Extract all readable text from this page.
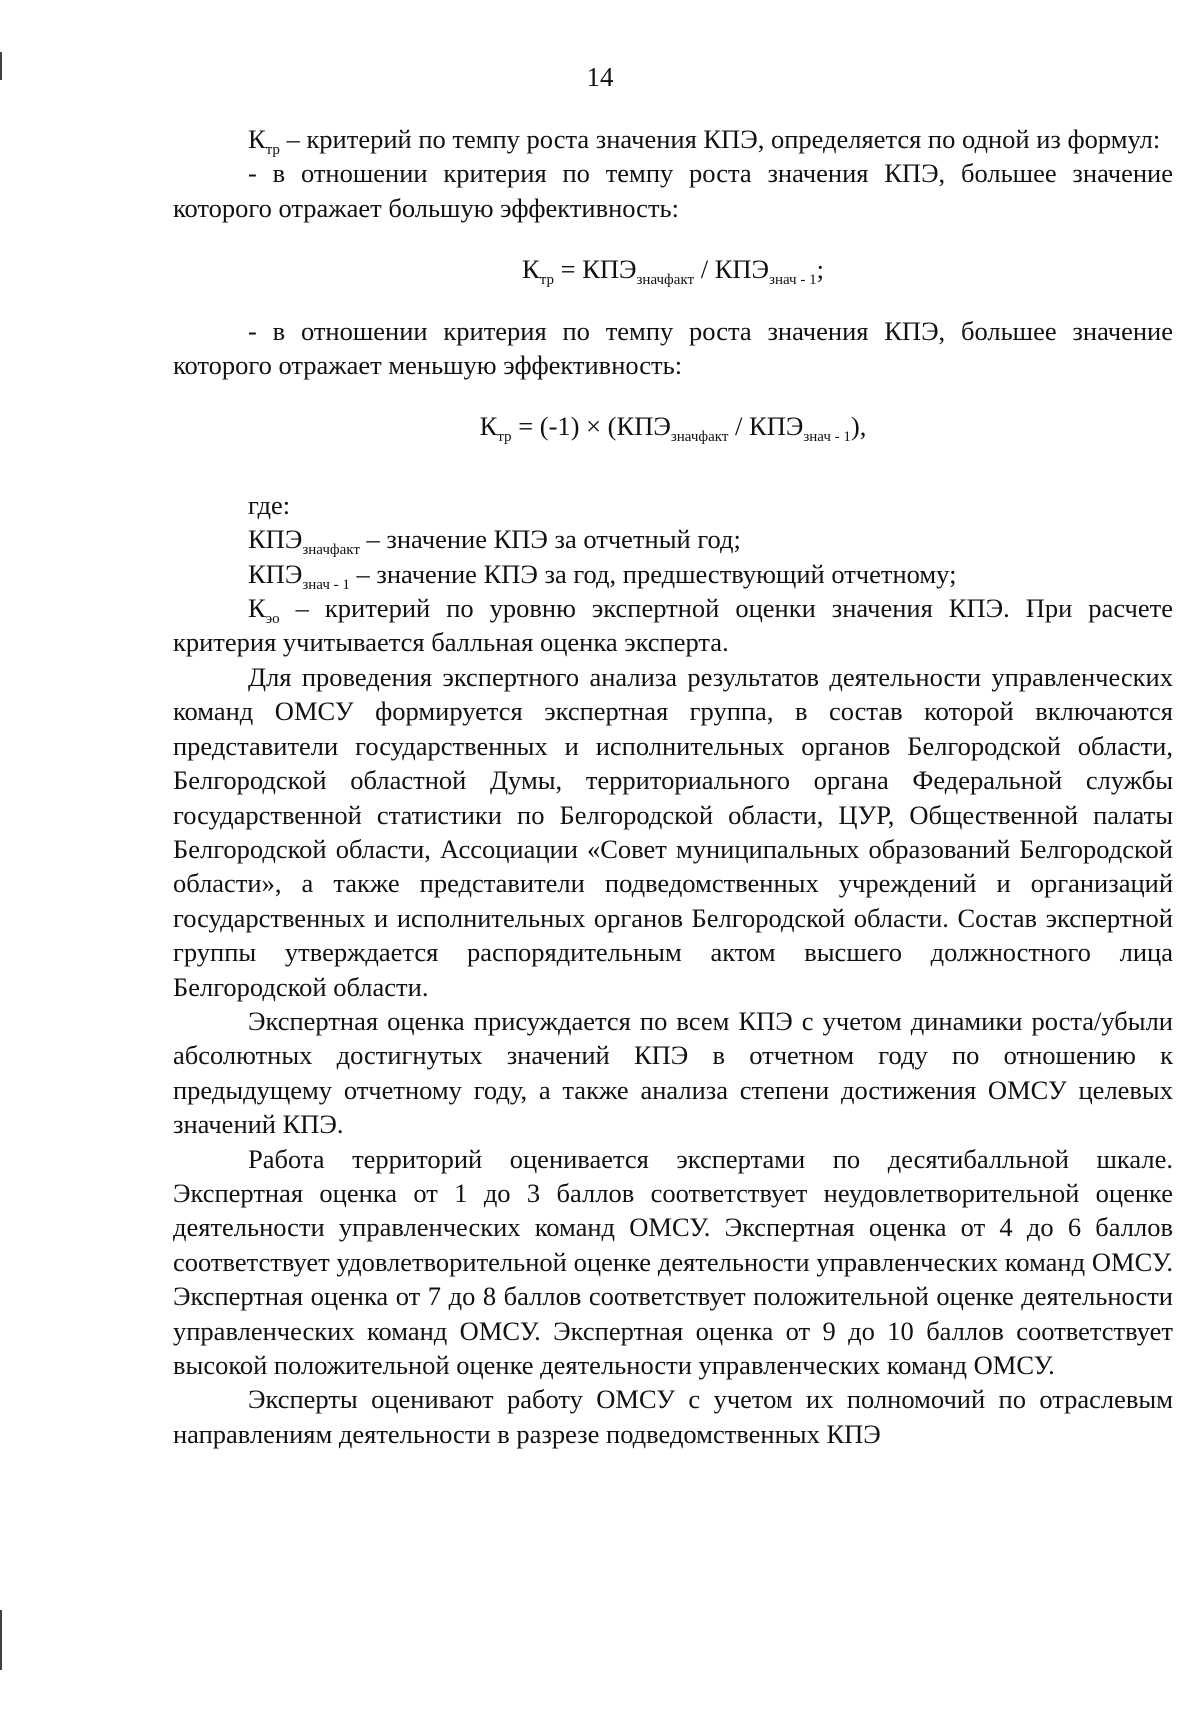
14

$К_{тр}$ – критерий по темпу роста значения КПЭ, определяется по одной из формул:

- в отношении критерия по темпу роста значения КПЭ, большее значение которого отражает большую эффективность:

$К_{тр} = КПЭ_{значфакт} / КПЭ_{знач - 1}$;

- в отношении критерия по темпу роста значения КПЭ, большее значение которого отражает меньшую эффективность:

$К_{тр} = (-1) \times (КПЭ_{значфакт} / КПЭ_{знач - 1})$,

где:

$КПЭ_{значфакт}$ – значение КПЭ за отчетный год;

$КПЭ_{знач - 1}$ – значение КПЭ за год, предшествующий отчетному;

$К_{эо}$ – критерий по уровню экспертной оценки значения КПЭ. При расчете критерия учитывается балльная оценка эксперта.

Для проведения экспертного анализа результатов деятельности управленческих команд ОМСУ формируется экспертная группа, в состав которой включаются представители государственных и исполнительных органов Белгородской области, Белгородской областной Думы, территориального органа Федеральной службы государственной статистики по Белгородской области, ЦУР, Общественной палаты Белгородской области, Ассоциации «Совет муниципальных образований Белгородской области», а также представители подведомственных учреждений и организаций государственных и исполнительных органов Белгородской области. Состав экспертной группы утверждается распорядительным актом высшего должностного лица Белгородской области.

Экспертная оценка присуждается по всем КПЭ с учетом динамики роста/убыли абсолютных достигнутых значений КПЭ в отчетном году по отношению к предыдущему отчетному году, а также анализа степени достижения ОМСУ целевых значений КПЭ.

Работа территорий оценивается экспертами по десятибалльной шкале. Экспертная оценка от 1 до 3 баллов соответствует неудовлетворительной оценке деятельности управленческих команд ОМСУ. Экспертная оценка от 4 до 6 баллов соответствует удовлетворительной оценке деятельности управленческих команд ОМСУ. Экспертная оценка от 7 до 8 баллов соответствует положительной оценке деятельности управленческих команд ОМСУ. Экспертная оценка от 9 до 10 баллов соответствует высокой положительной оценке деятельности управленческих команд ОМСУ.

Эксперты оценивают работу ОМСУ с учетом их полномочий по отраслевым направлениям деятельности в разрезе подведомственных КПЭ
